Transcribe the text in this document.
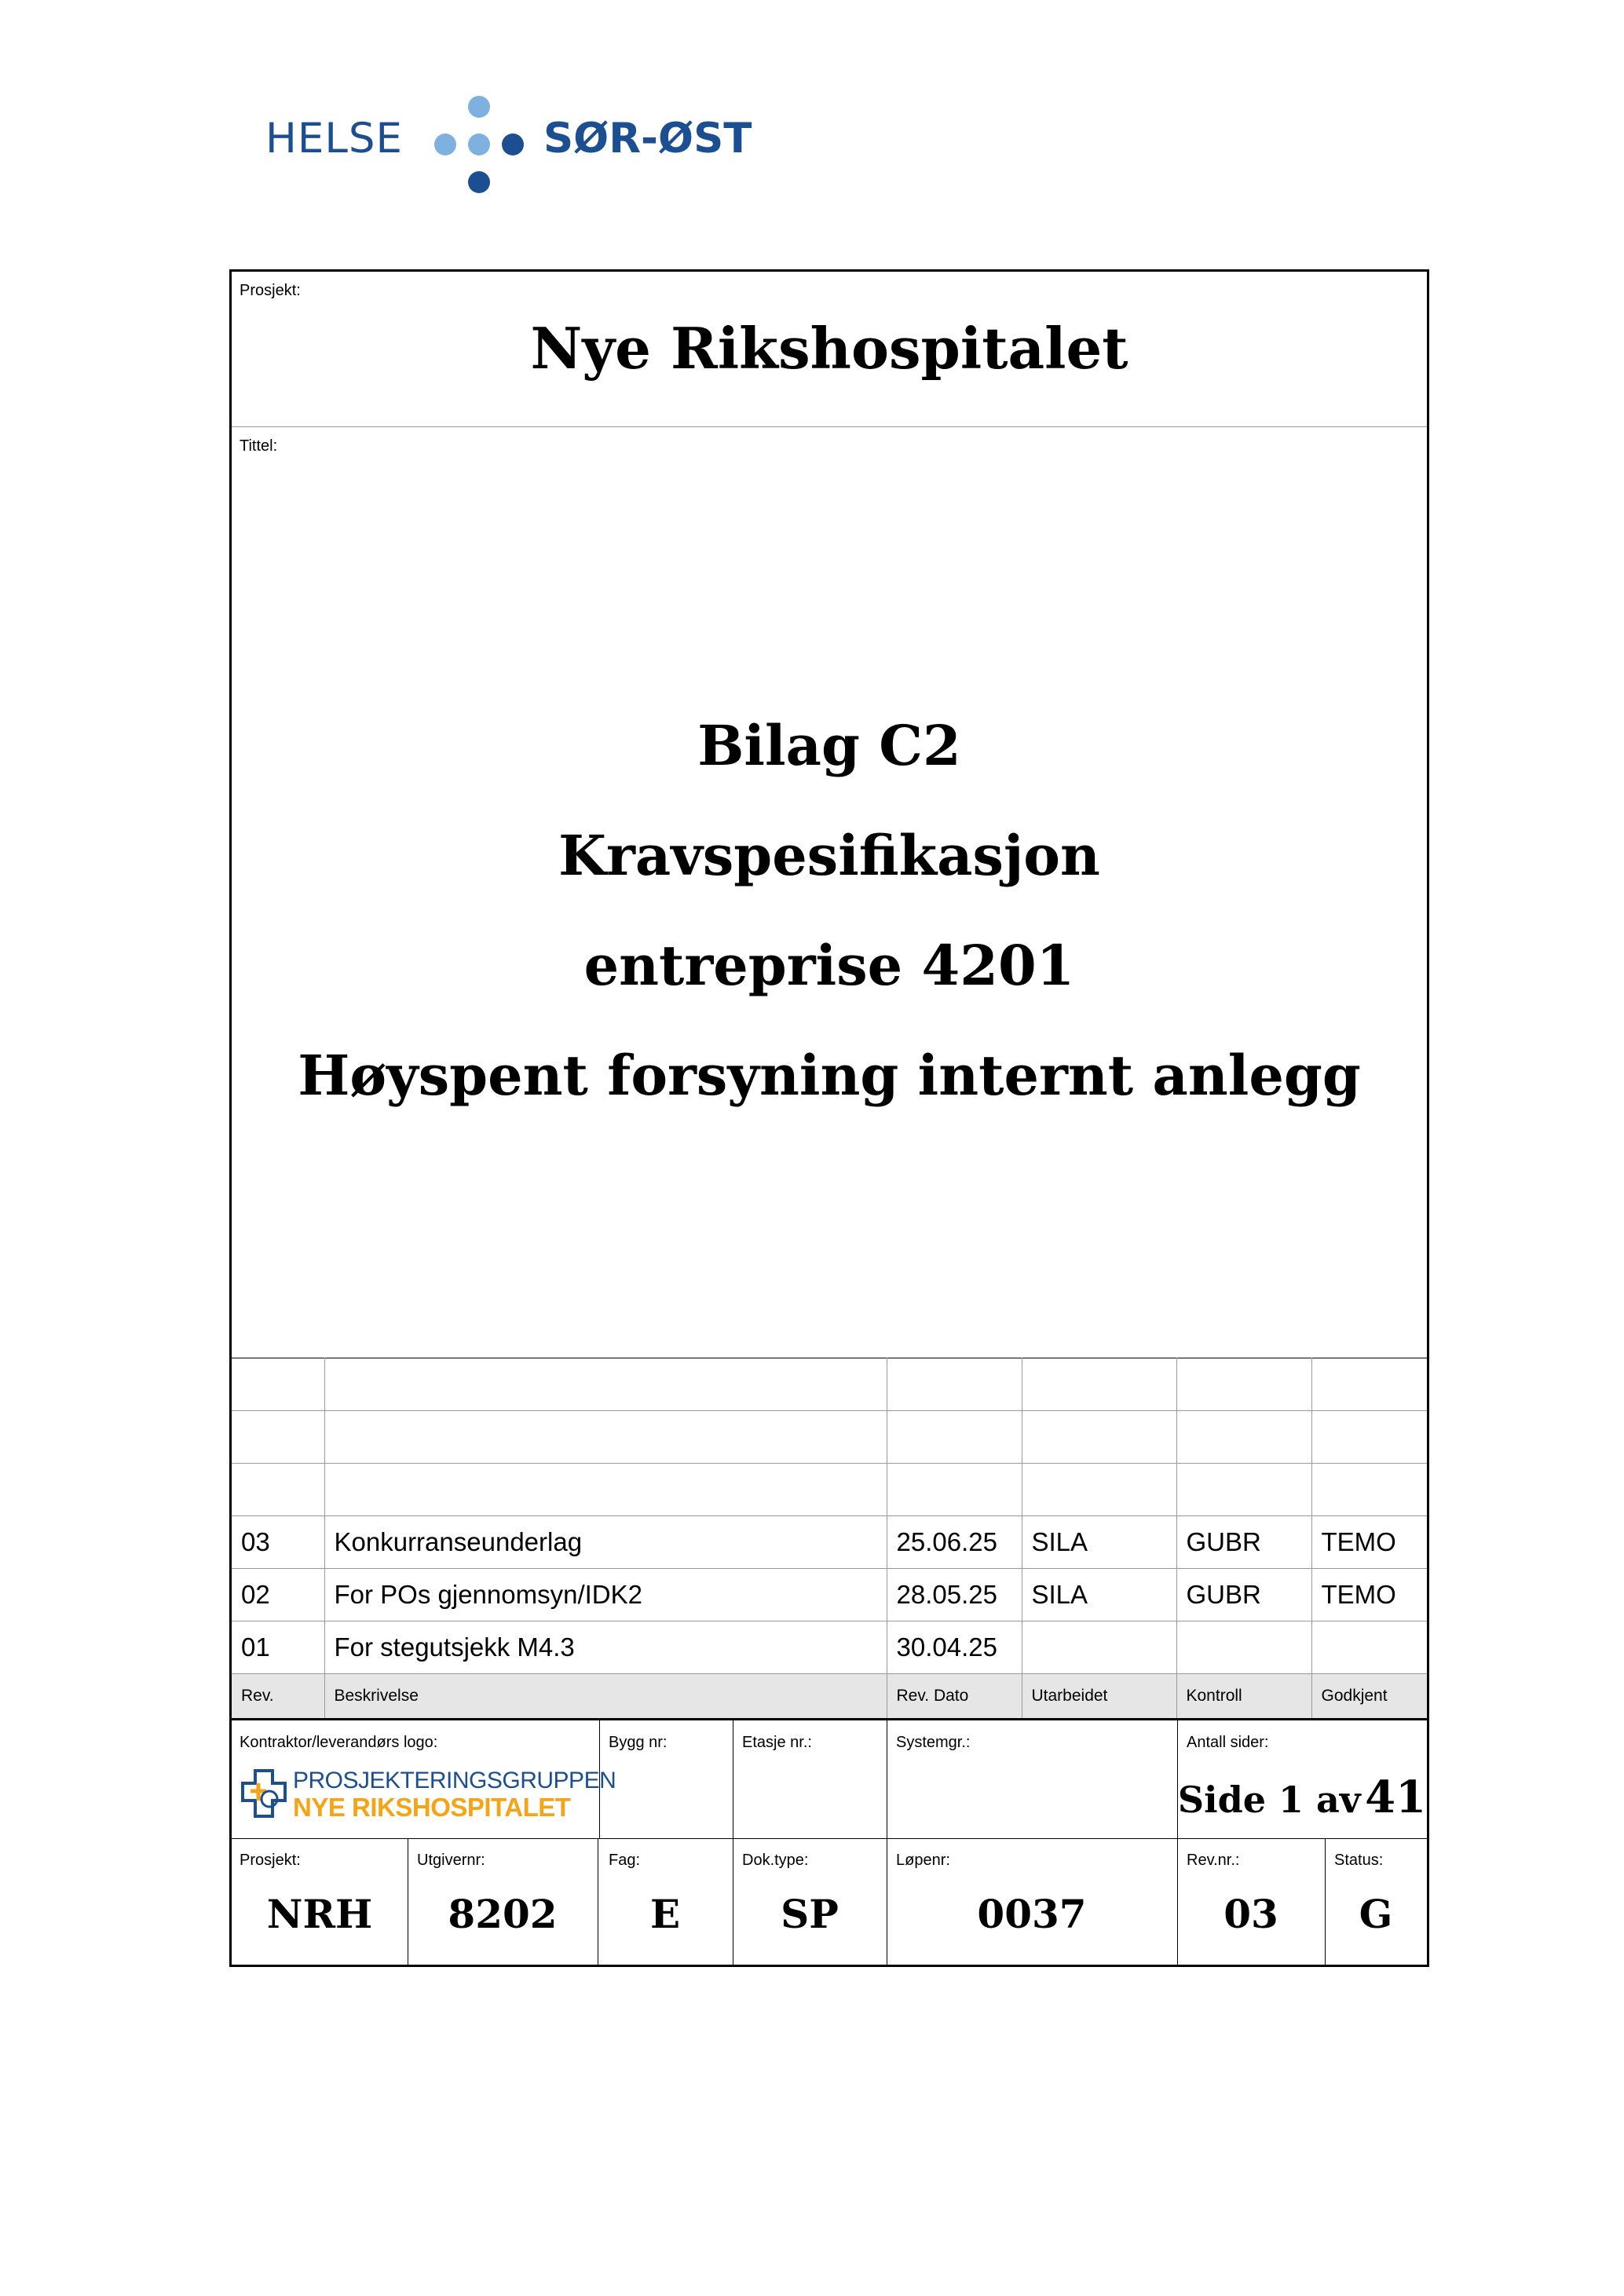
HELSE	SØR-ØST
Prosjekt:
Nye Rikshospitalet
Tittel:
Bilag C2
Kravspesifikasjon
entreprise 4201
Høyspent forsyning internt anlegg

03	Konkurranseunderlag	25.06.25	SILA	GUBR	TEMO
02	For POs gjennomsyn/IDK2	28.05.25	SILA	GUBR	TEMO
01	For stegutsjekk M4.3	30.04.25			
Rev.	Beskrivelse	Rev. Dato	Utarbeidet	Kontroll	Godkjent
Kontraktor/leverandørs logo:
PROSJEKTERINGSGRUPPEN
NYE RIKSHOSPITALET
Bygg nr:	Etasje nr.:	Systemgr.:	Antall sider:
Side 1 av 41
Prosjekt:
NRH
Utgivernr:
8202
Fag:
E
Dok.type:
SP
Løpenr:
0037
Rev.nr.:
03
Status:
G
